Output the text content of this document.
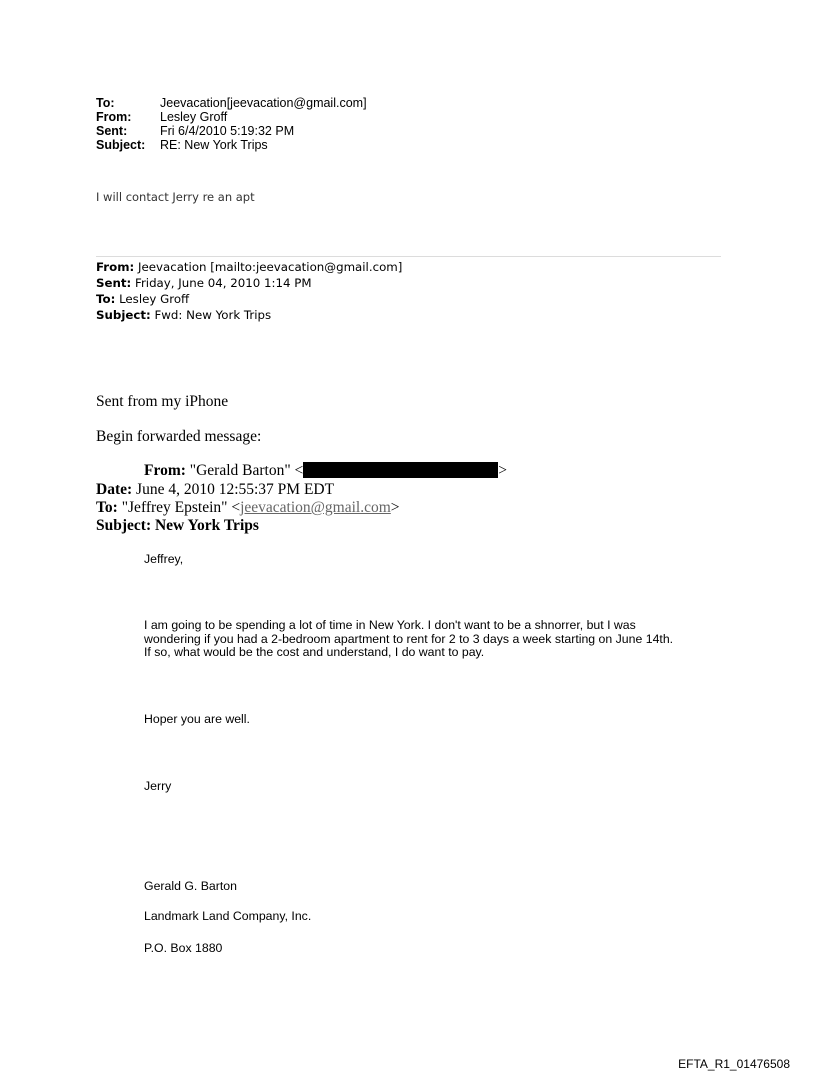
To:	Jeevacation[jeevacation@gmail.com]
From:	Lesley Groff
Sent:	Fri 6/4/2010 5:19:32 PM
Subject:	RE: New York Trips
I will contact Jerry re an apt
From: Jeevacation [mailto:jeevacation@gmail.com]
Sent: Friday, June 04, 2010 1:14 PM
To: Lesley Groff
Subject: Fwd: New York Trips
Sent from my iPhone
Begin forwarded message:
From: "Gerald Barton" <	>
Date: June 4, 2010 12:55:37 PM EDT
To: "Jeffrey Epstein" <jeevacation@gmail.com>
Subject: New York Trips
Jeffrey,
I am going to be spending a lot of time in New York. I don't want to be a shnorrer, but I was wondering if you had a 2-bedroom apartment to rent for 2 to 3 days a week starting on June 14th. If so, what would be the cost and understand, I do want to pay.
Hoper you are well.
Jerry
Gerald G. Barton
Landmark Land Company, Inc.
P.O. Box 1880
EFTA_R1_01476508
